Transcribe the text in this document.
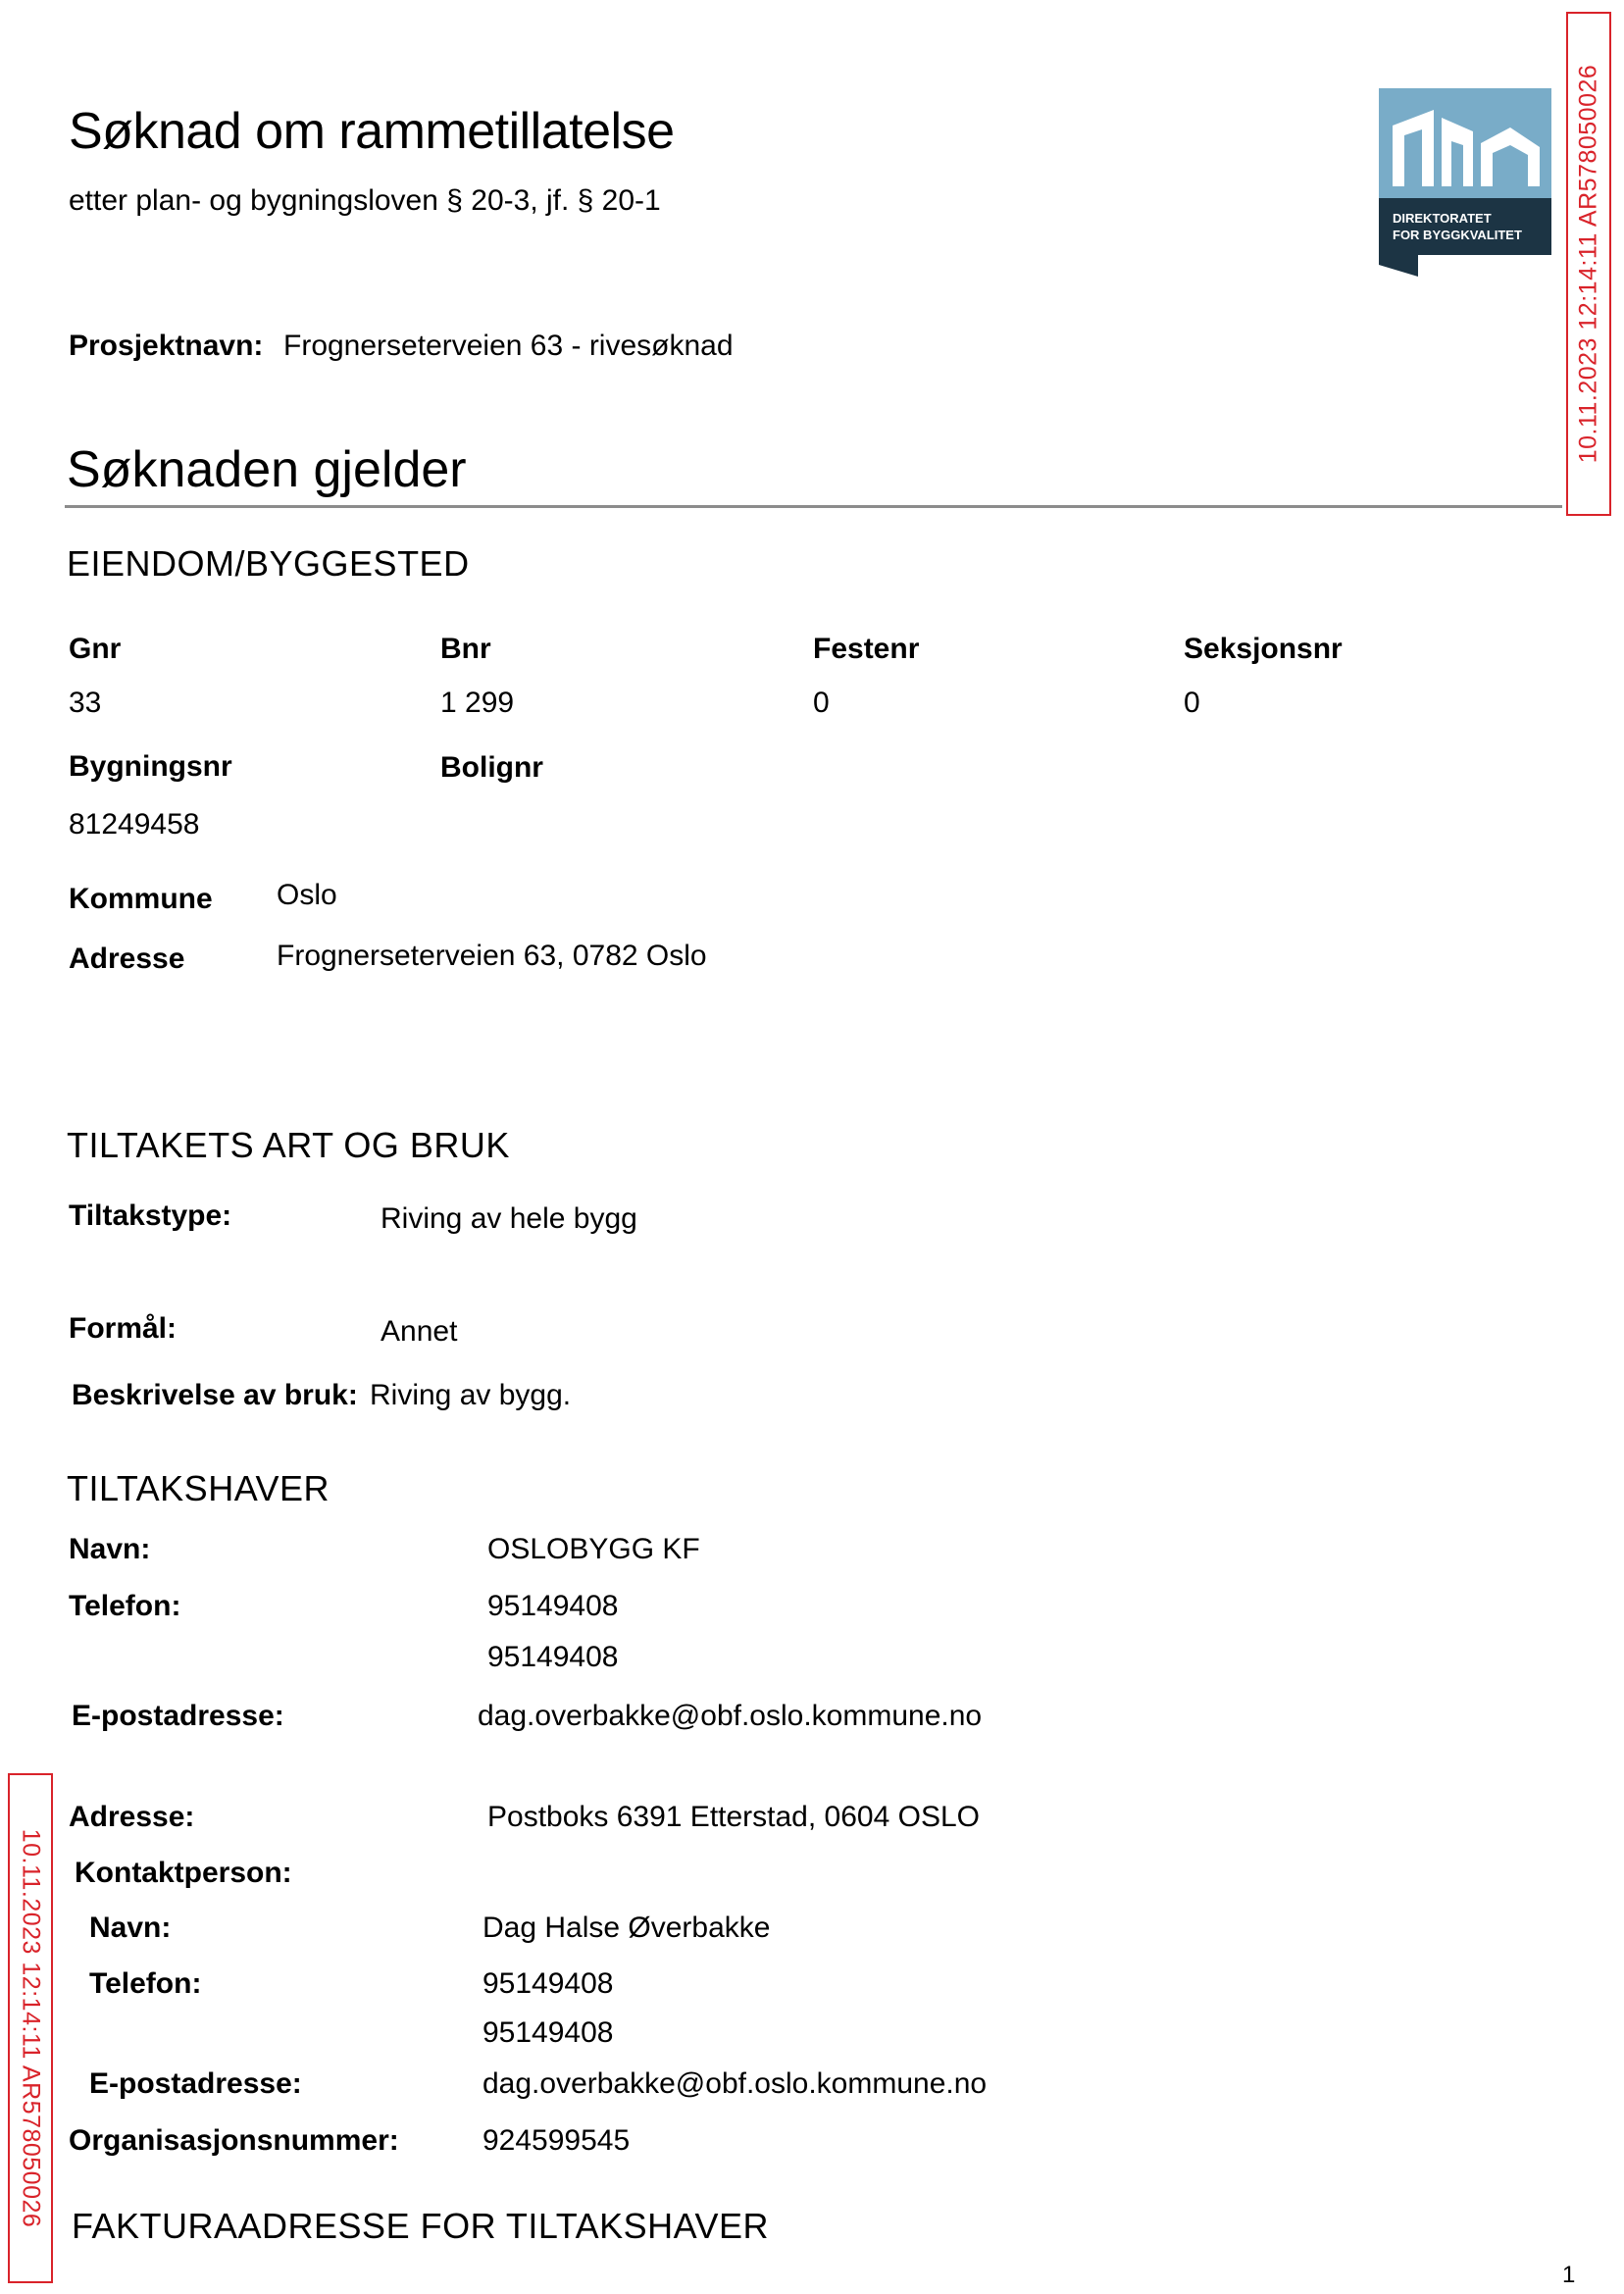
Søknad om rammetillatelse
etter plan- og bygningsloven § 20-3, jf. § 20-1
DIREKTORATET
FOR BYGGKVALITET 10.11.2023 12:14:11 AR578050026
10.11.2023 12:14:11 AR578050026
Prosjektnavn: Frognerseterveien 63 - rivesøknad
Søknaden gjelder
EIENDOM/BYGGESTED
Gnr	Bnr	Festenr	Seksjonsnr
33	1 299	0	0
Bygningsnr	Bolignr
81249458
Kommune Oslo
Adresse	Frognerseterveien 63, 0782 Oslo
TILTAKETS ART OG BRUK
Tiltakstype:	Riving av hele bygg
Formål:	Annet
Beskrivelse av bruk: Riving av bygg.
TILTAKSHAVER
Navn:	OSLOBYGG KF
Telefon:	95149408
95149408
E-postadresse:	dag.overbakke@obf.oslo.kommune.no
Adresse:	Postboks 6391 Etterstad, 0604 OSLO
Kontaktperson:
Navn:	Dag Halse Øverbakke
Telefon:	95149408
95149408
E-postadresse:	dag.overbakke@obf.oslo.kommune.no
Organisasjonsnummer:	924599545
FAKTURAADRESSE FOR TILTAKSHAVER
1
